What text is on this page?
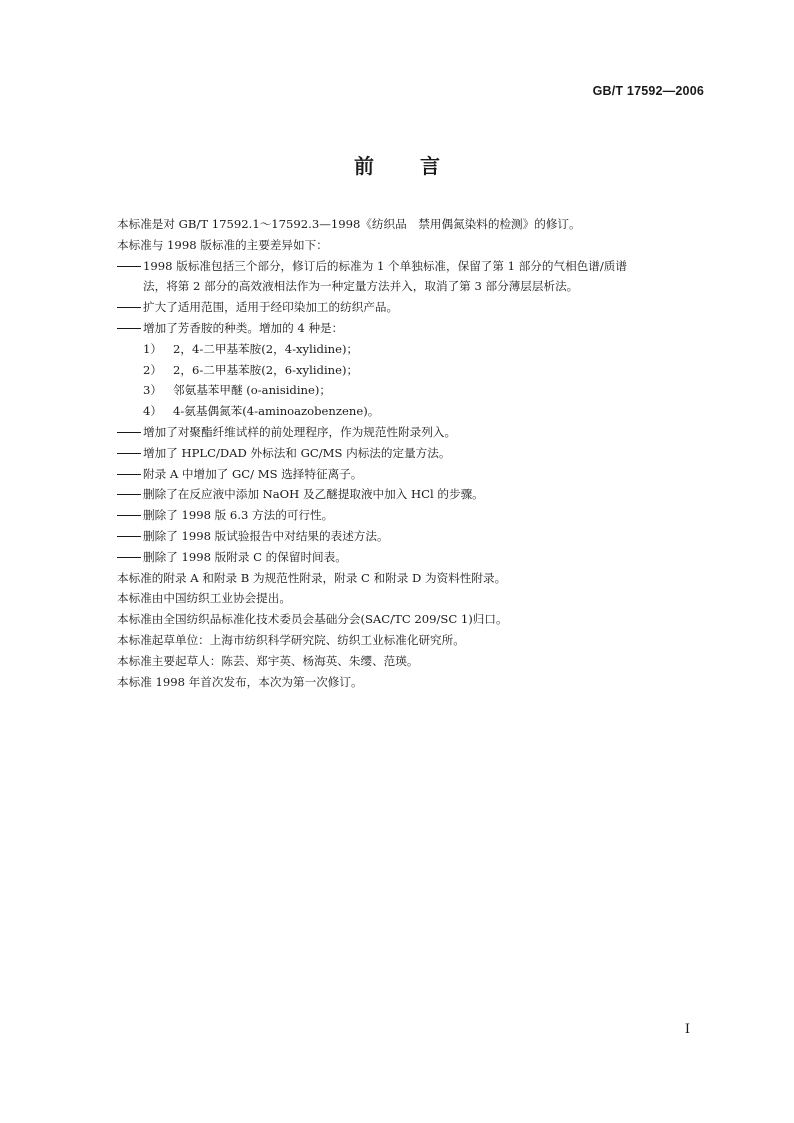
GB/T 17592—2006
前 言
本标准是对 GB/T 17592.1～17592.3—1998《纺织品　禁用偶氮染料的检测》的修订。
本标准与 1998 版标准的主要差异如下：
1998 版标准包括三个部分，修订后的标准为 1 个单独标准，保留了第 1 部分的气相色谱/质谱
法，将第 2 部分的高效液相法作为一种定量方法并入，取消了第 3 部分薄层层析法。
扩大了适用范围，适用于经印染加工的纺织产品。
增加了芳香胺的种类。增加的 4 种是：
1） 2，4-二甲基苯胺(2，4-xylidine)；
2） 2，6-二甲基苯胺(2，6-xylidine)；
3） 邻氨基苯甲醚 (o-anisidine)；
4） 4-氨基偶氮苯(4-aminoazobenzene)。
增加了对聚酯纤维试样的前处理程序，作为规范性附录列入。
增加了 HPLC/DAD 外标法和 GC/MS 内标法的定量方法。
附录 A 中增加了 GC/ MS 选择特征离子。
删除了在反应液中添加 NaOH 及乙醚提取液中加入 HCl 的步骤。
删除了 1998 版 6.3 方法的可行性。
删除了 1998 版试验报告中对结果的表述方法。
删除了 1998 版附录 C 的保留时间表。
本标准的附录 A 和附录 B 为规范性附录，附录 C 和附录 D 为资料性附录。
本标准由中国纺织工业协会提出。
本标准由全国纺织品标准化技术委员会基础分会(SAC/TC 209/SC 1)归口。
本标准起草单位：上海市纺织科学研究院、纺织工业标准化研究所。
本标准主要起草人：陈芸、郑宇英、杨海英、朱缨、范瑛。
本标准 1998 年首次发布，本次为第一次修订。
I
